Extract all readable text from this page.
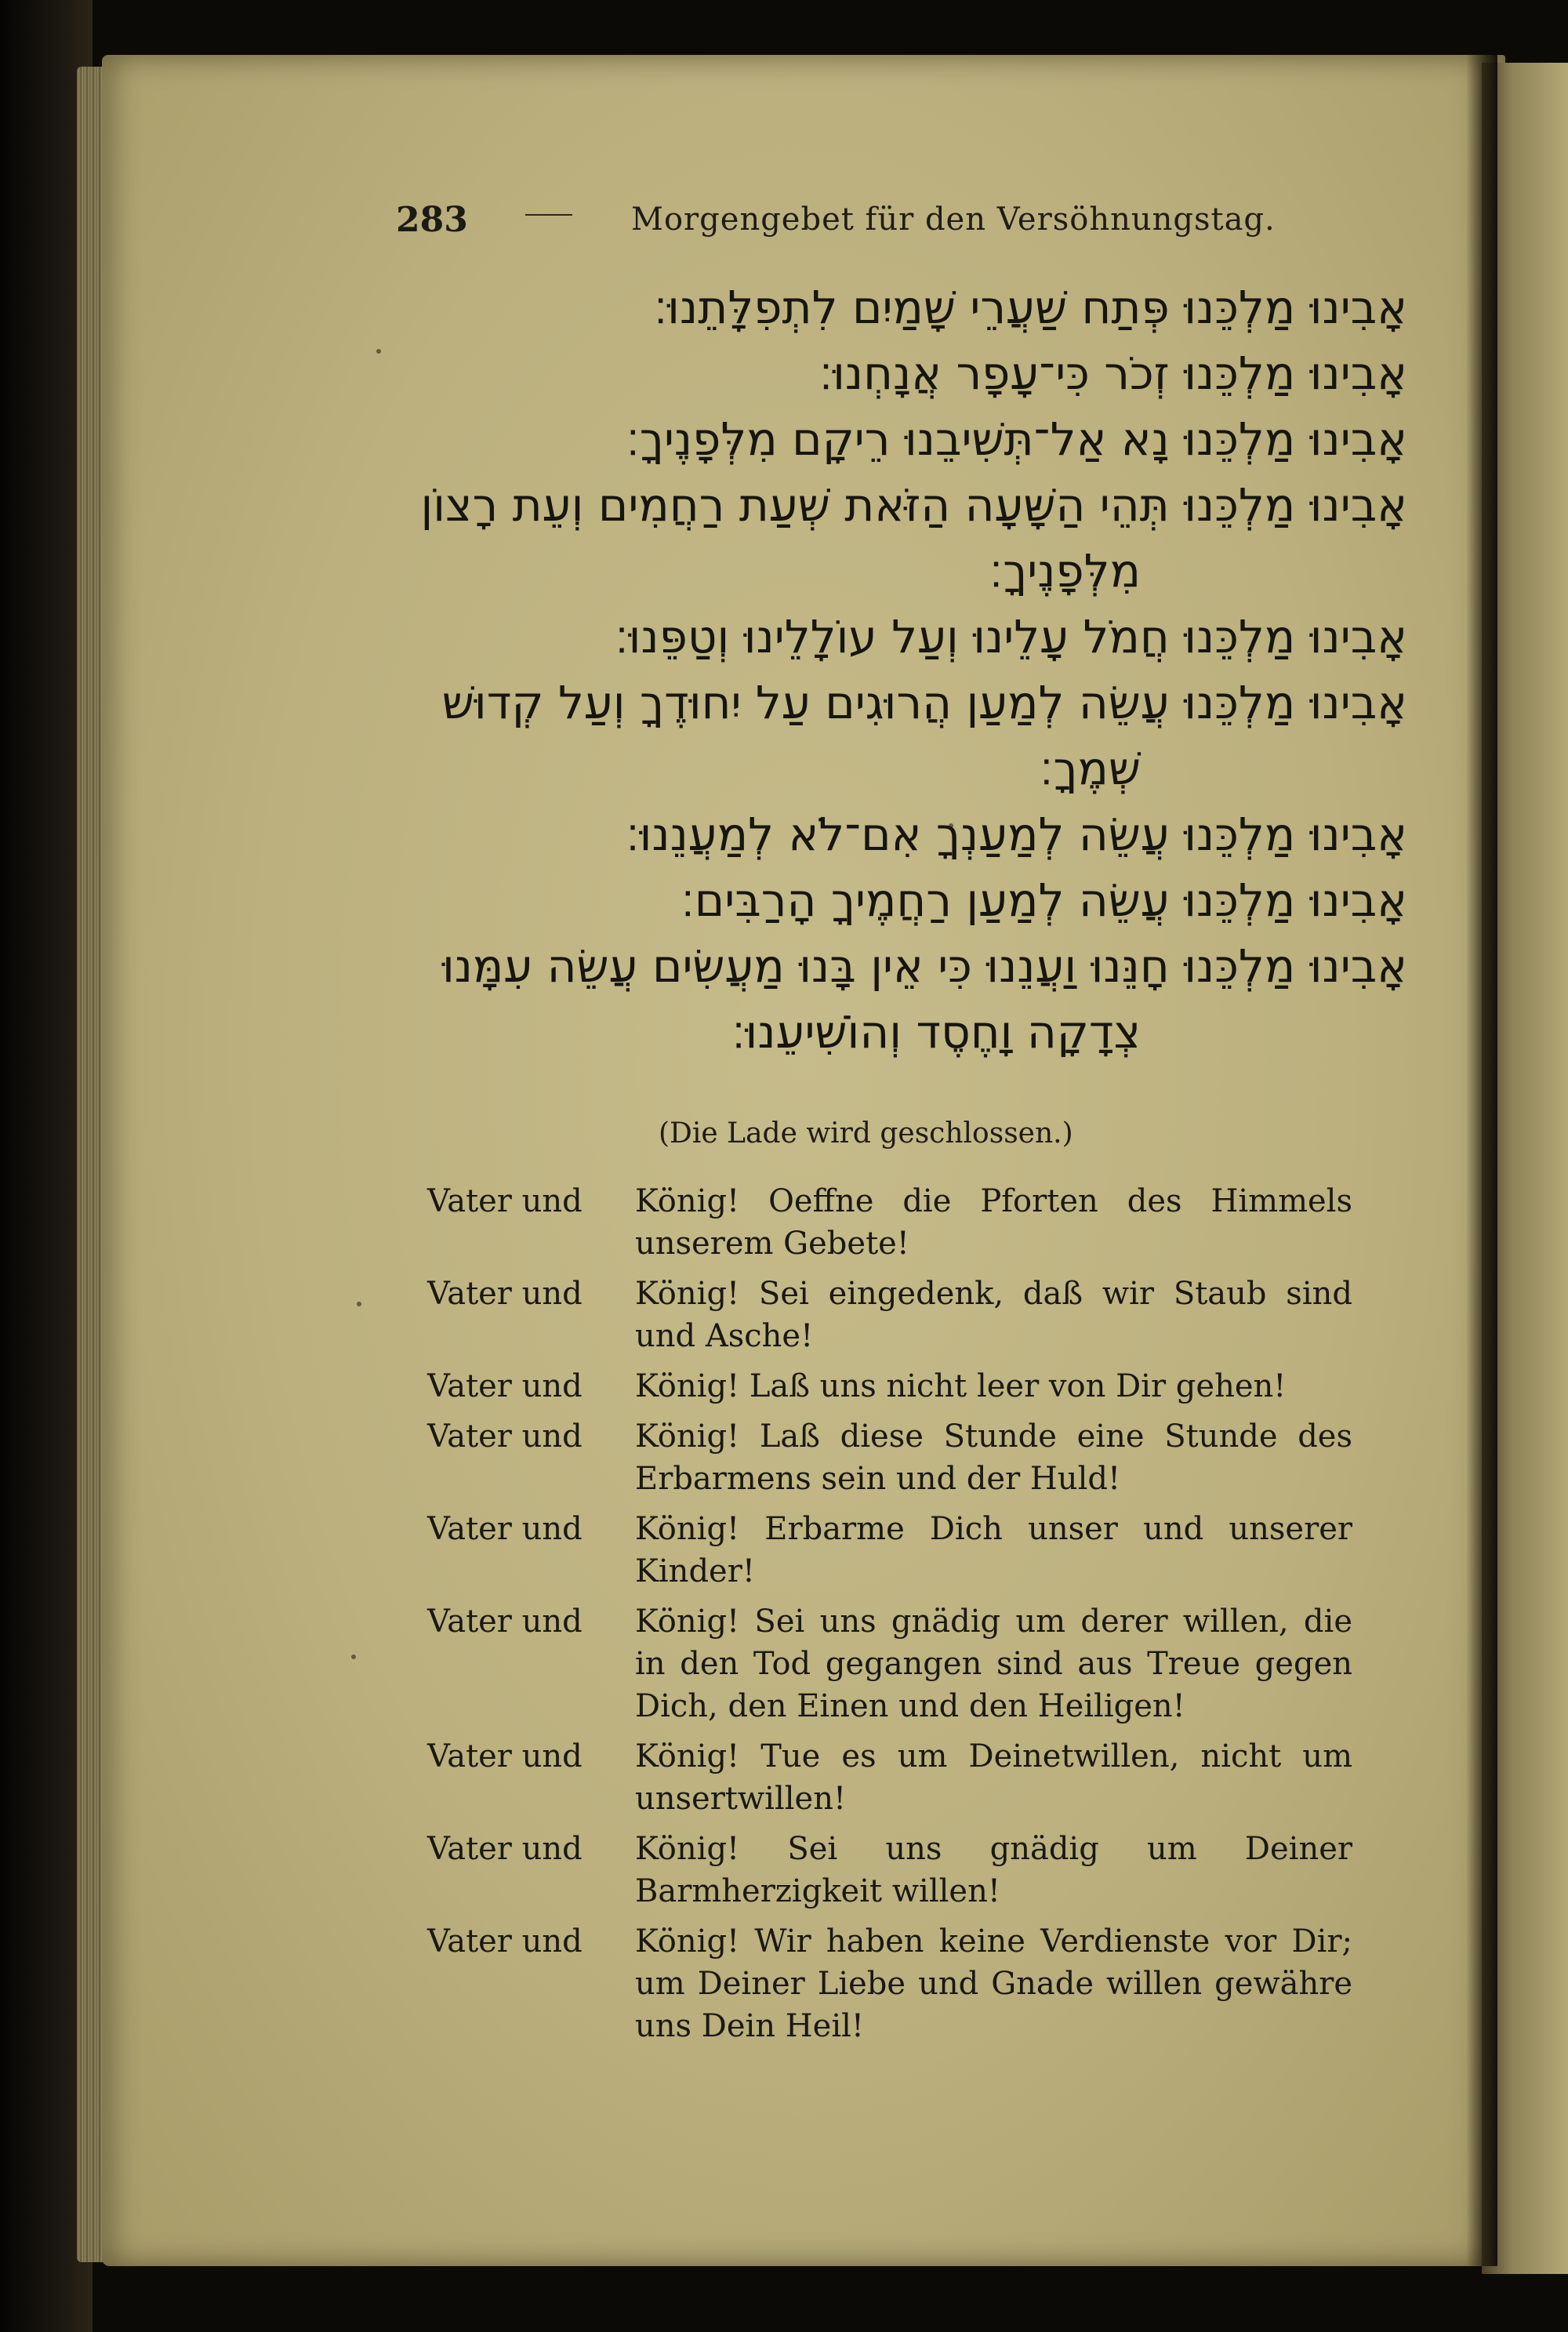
283	Morgengebet für den Versöhnungstag.
אָבִינוּ מַלְכֵּנוּ פְּתַח שַׁעֲרֵי שָׁמַיִם לִתְפִלָּתֵנוּ׃
אָבִינוּ מַלְכֵּנוּ זְכֹר כִּי־עָפָר אֲנָחְנוּ׃
אָבִינוּ מַלְכֵּנוּ נָא אַל־תְּשִׁיבֵנוּ רֵיקָם מִלְּפָנֶיךָ׃
אָבִינוּ מַלְכֵּנוּ תְּהֵי הַשָּׁעָה הַזֹּאת שְׁעַת רַחֲמִים וְעֵת רָצוֹן
מִלְּפָנֶיךָ׃
אָבִינוּ מַלְכֵּנוּ חֲמֹל עָלֵינוּ וְעַל עוֹלָלֵינוּ וְטַפֵּנוּ׃
אָבִינוּ מַלְכֵּנוּ עֲשֵׂה לְמַעַן הֲרוּגִים עַל יִחוּדֶךָ וְעַל קְדוּשׁ
שְׁמֶךָ׃
אָבִינוּ מַלְכֵּנוּ עֲשֵׂה לְמַעַנְךָ אִם־לֹא לְמַעֲנֵנוּ׃
אָבִינוּ מַלְכֵּנוּ עֲשֵׂה לְמַעַן רַחֲמֶיךָ הָרַבִּים׃
אָבִינוּ מַלְכֵּנוּ חָנֵּנוּ וַעֲנֵנוּ כִּי אֵין בָּנוּ מַעֲשִׂים עֲשֵׂה עִמָּנוּ
צְדָקָה וָחֶסֶד וְהוֹשִׁיעֵנוּ׃
(Die Lade wird geschlossen.)
Vater und	König! Oeffne die Pforten des Himmels unserem Gebete!
Vater und	König! Sei eingedenk, daß wir Staub sind und Asche!
Vater und	König! Laß uns nicht leer von Dir gehen!
Vater und	König! Laß diese Stunde eine Stunde des Erbarmens sein und der Huld!
Vater und	König! Erbarme Dich unser und unserer Kinder!
Vater und	König! Sei uns gnädig um derer willen, die in den Tod gegangen sind aus Treue gegen Dich, den Einen und den Heiligen!
Vater und	König! Tue es um Deinetwillen, nicht um unsertwillen!
Vater und	König! Sei uns gnädig um Deiner Barmherzigkeit willen!
Vater und	König! Wir haben keine Verdienste vor Dir; um Deiner Liebe und Gnade willen gewähre uns Dein Heil!
